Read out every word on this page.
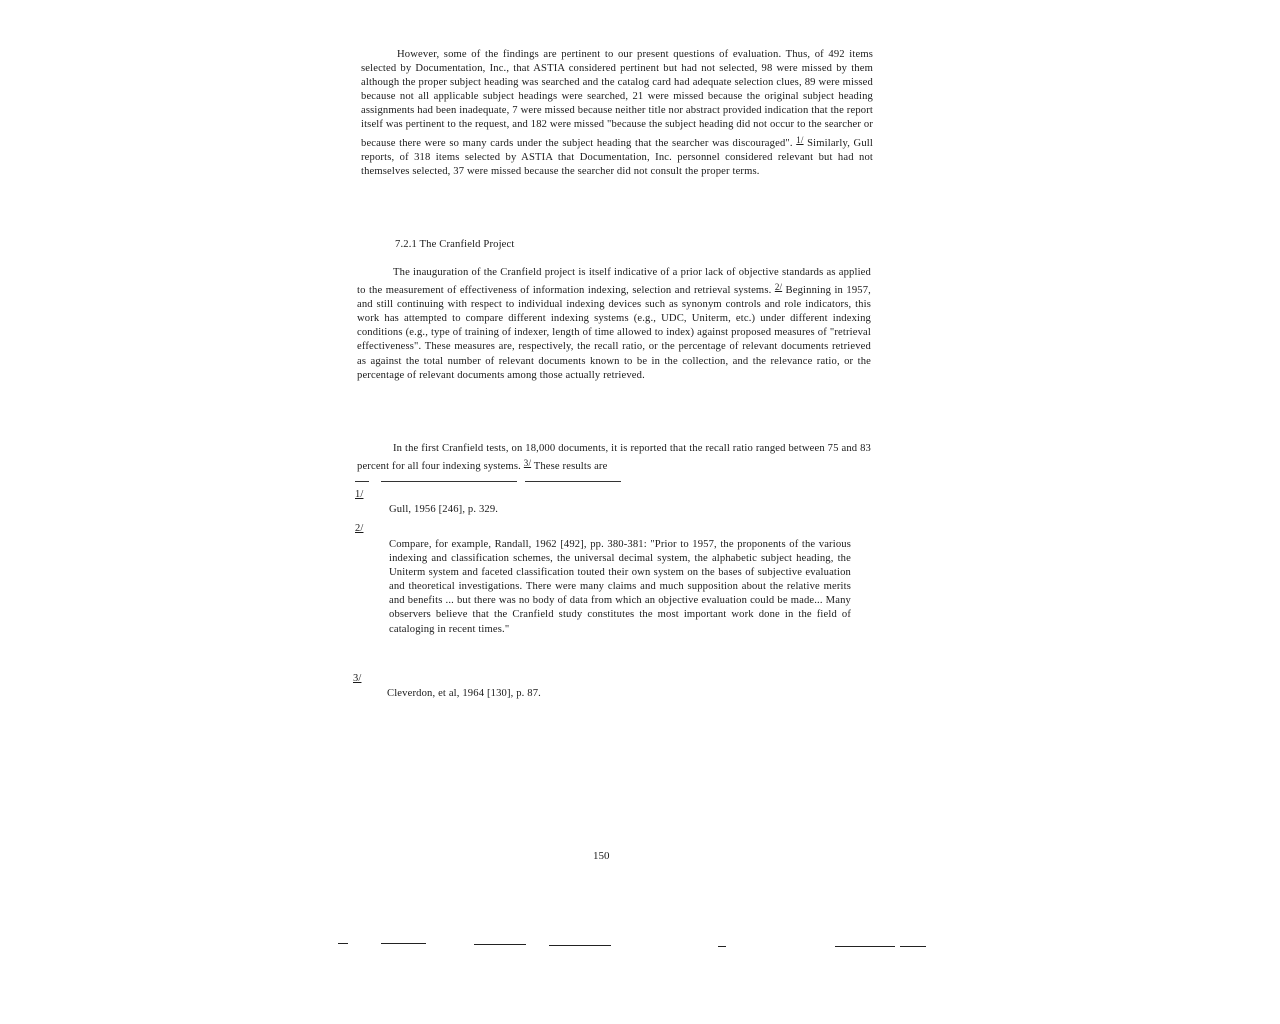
However, some of the findings are pertinent to our present questions of evaluation. Thus, of 492 items selected by Documentation, Inc., that ASTIA considered pertinent but had not selected, 98 were missed by them although the proper subject heading was searched and the catalog card had adequate selection clues, 89 were missed because not all applicable subject headings were searched, 21 were missed because the original subject heading assignments had been inadequate, 7 were missed because neither title nor abstract provided indication that the report itself was pertinent to the request, and 182 were missed "because the subject heading did not occur to the searcher or because there were so many cards under the subject heading that the searcher was discouraged". $^{1/}$ Similarly, Gull reports, of 318 items selected by ASTIA that Documentation, Inc. personnel considered relevant but had not themselves selected, 37 were missed because the searcher did not consult the proper terms.

7.2.1 The Cranfield Project

The inauguration of the Cranfield project is itself indicative of a prior lack of objective standards as applied to the measurement of effectiveness of information indexing, selection and retrieval systems. $^{2/}$ Beginning in 1957, and still continuing with respect to individual indexing devices such as synonym controls and role indicators, this work has attempted to compare different indexing systems (e.g., UDC, Uniterm, etc.) under different indexing conditions (e.g., type of training of indexer, length of time allowed to index) against proposed measures of "retrieval effectiveness". These measures are, respectively, the recall ratio, or the percentage of relevant documents retrieved as against the total number of relevant documents known to be in the collection, and the relevance ratio, or the percentage of relevant documents among those actually retrieved.

In the first Cranfield tests, on 18,000 documents, it is reported that the recall ratio ranged between 75 and 83 percent for all four indexing systems. $^{3/}$ These results are

1/
Gull, 1956 [246], p. 329.
2/
Compare, for example, Randall, 1962 [492], pp. 380-381: "Prior to 1957, the proponents of the various indexing and classification schemes, the universal decimal system, the alphabetic subject heading, the Uniterm system and faceted classification touted their own system on the bases of subjective evaluation and theoretical investigations. There were many claims and much supposition about the relative merits and benefits ... but there was no body of data from which an objective evaluation could be made... Many observers believe that the Cranfield study constitutes the most important work done in the field of cataloging in recent times."
3/
Cleverdon, et al, 1964 [130], p. 87.
150
